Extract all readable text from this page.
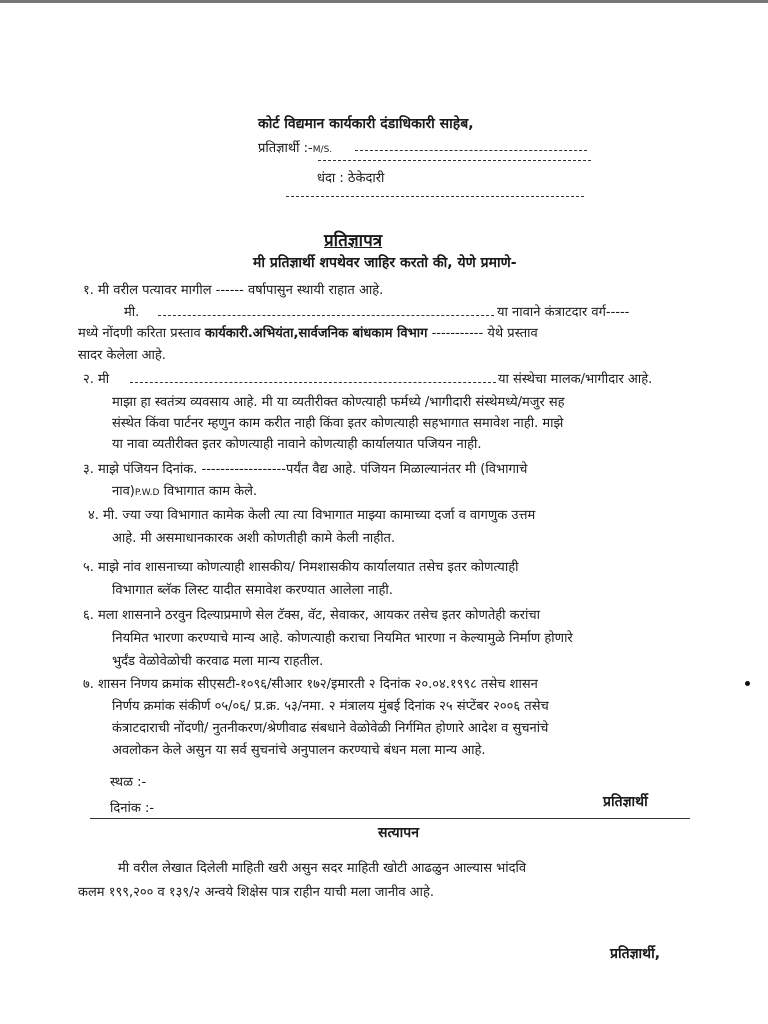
कोर्ट विद्यमान कार्यकारी दंडाधिकारी साहेब,
प्रतिज्ञार्थी :-M/S.
धंदा : ठेकेदारी
प्रतिज्ञापत्र
मी प्रतिज्ञार्थी शपथेवर जाहिर करतो की, येणे प्रमाणे-
१. मी वरील पत्यावर मागील ------ वर्षापासुन स्थायी राहात आहे.
मी.	या नावाने कंत्राटदार वर्ग-----
मध्ये नोंदणी करिता प्रस्ताव कार्यकारी.अभियंता,सार्वजनिक बांधकाम विभाग ----------- येथे प्रस्ताव
सादर केलेला आहे.
२. मी	या संस्थेचा मालक/भागीदार आहे.
माझा हा स्वतंत्र्य व्यवसाय आहे. मी या व्यतीरीक्त कोण्त्याही फर्मध्ये /भागीदारी संस्थेमध्ये/मजुर सह
संस्थेत किंवा पार्टनर म्हणुन काम करीत नाही किंवा इतर कोणत्याही सहभागात समावेश नाही. माझे
या नावा व्यतीरीक्त इतर कोणत्याही नावाने कोणत्याही कार्यालयात पजियन नाही.
३. माझे पंजियन दिनांक. ------------------पर्यंत वैद्य आहे. पंजियन मिळाल्यानंतर मी (विभागाचे
नाव)P.W.D विभागात काम केले.
४. मी. ज्या ज्या विभागात कामेक केली त्या त्या विभागात माझ्या कामाच्या दर्जा व वागणुक उत्तम
आहे. मी असमाधानकारक अशी कोणतीही कामे केली नाहीत.
५. माझे नांव शासनाच्या कोणत्याही शासकीय/ निमशासकीय कार्यालयात तसेच इतर कोणत्याही
विभागात ब्लॅक लिस्ट यादीत समावेश करण्यात आलेला नाही.
६. मला शासनाने ठरवुन दिल्याप्रमाणे सेल टॅक्स, वॅट, सेवाकर, आयकर तसेच इतर कोणतेही करांचा
नियमित भारणा करण्याचे मान्य आहे. कोणत्याही कराचा नियमित भारणा न केल्यामुळे निर्माण होणारे
भुर्दंड वेळोवेळोची करवाढ मला मान्य राहतील.
७. शासन निणय क्रमांक सीएसटी-१०९६/सीआर १७२/इमारती २ दिनांक २०.०४.१९९८ तसेच शासन
निर्णय क्रमांक संकीर्ण ०५/०६/ प्र.क्र. ५३/नमा. २ मंत्रालय मुंबई दिनांक २५ संप्टेंबर २००६ तसेच
कंत्राटदाराची नोंदणी/ नुतनीकरण/श्रेणीवाढ संबधाने वेळोवेळी निर्गमित होणारे आदेश व सुचनांचे
अवलोकन केले असुन या सर्व सुचनांचे अनुपालन करण्याचे बंधन मला मान्य आहे.
स्थळ :-
दिनांक :-	प्रतिज्ञार्थी
सत्यापन
मी वरील लेखात दिलेली माहिती खरी असुन सदर माहिती खोटी आढळुन आल्यास भांदवि
कलम १९९,२०० व १३९/२ अन्वये शिक्षेस पात्र राहीन याची मला जानीव आहे.
प्रतिज्ञार्थी,
